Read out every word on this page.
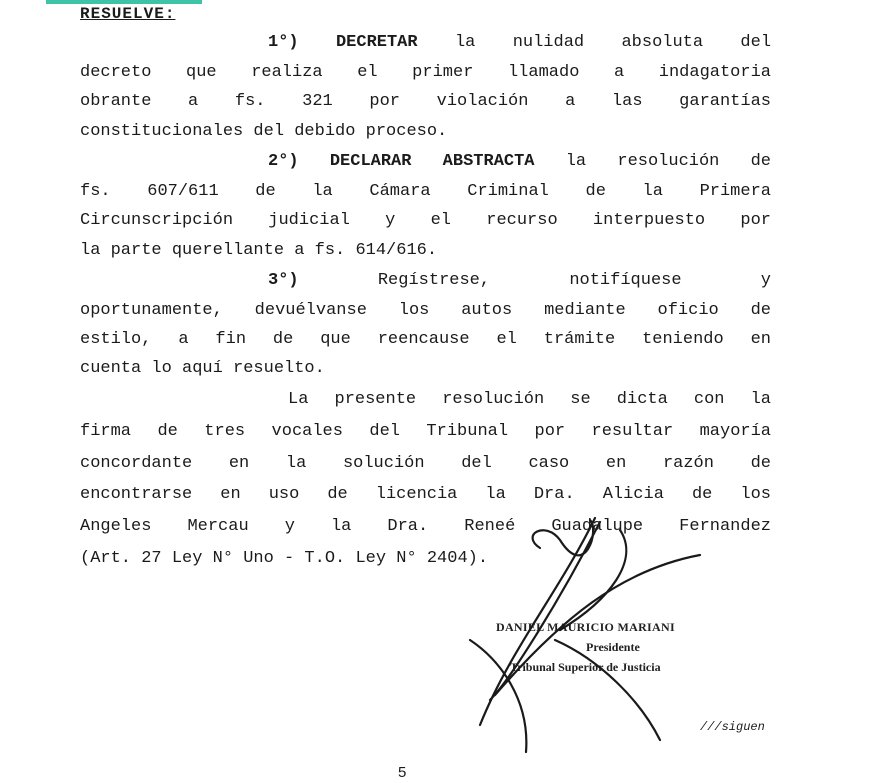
RESUELVE:
1°) DECRETAR la nulidad absoluta del
decreto que realiza el primer llamado a indagatoria
obrante a fs. 321 por violación a las garantías
constitucionales del debido proceso.
2°) DECLARAR ABSTRACTA la resolución de
fs. 607/611 de la Cámara Criminal de la Primera
Circunscripción judicial y el recurso interpuesto por
la parte querellante a fs. 614/616.
3°)	Regístrese, notifíquese y
oportunamente, devuélvanse los autos mediante oficio de
estilo, a fin de que reencause el trámite teniendo en
cuenta lo aquí resuelto.
La presente resolución se dicta con la
firma de tres vocales del Tribunal por resultar mayoría
concordante en la solución del caso en razón de
encontrarse en uso de licencia la Dra. Alicia de los
Angeles Mercau y la Dra. Reneé Guadalupe Fernandez
(Art. 27 Ley N° Uno - T.O. Ley N° 2404).
DANIEL MAURICIO MARIANI
Presidente
Tribunal Superior de Justicia
///siguen
5
